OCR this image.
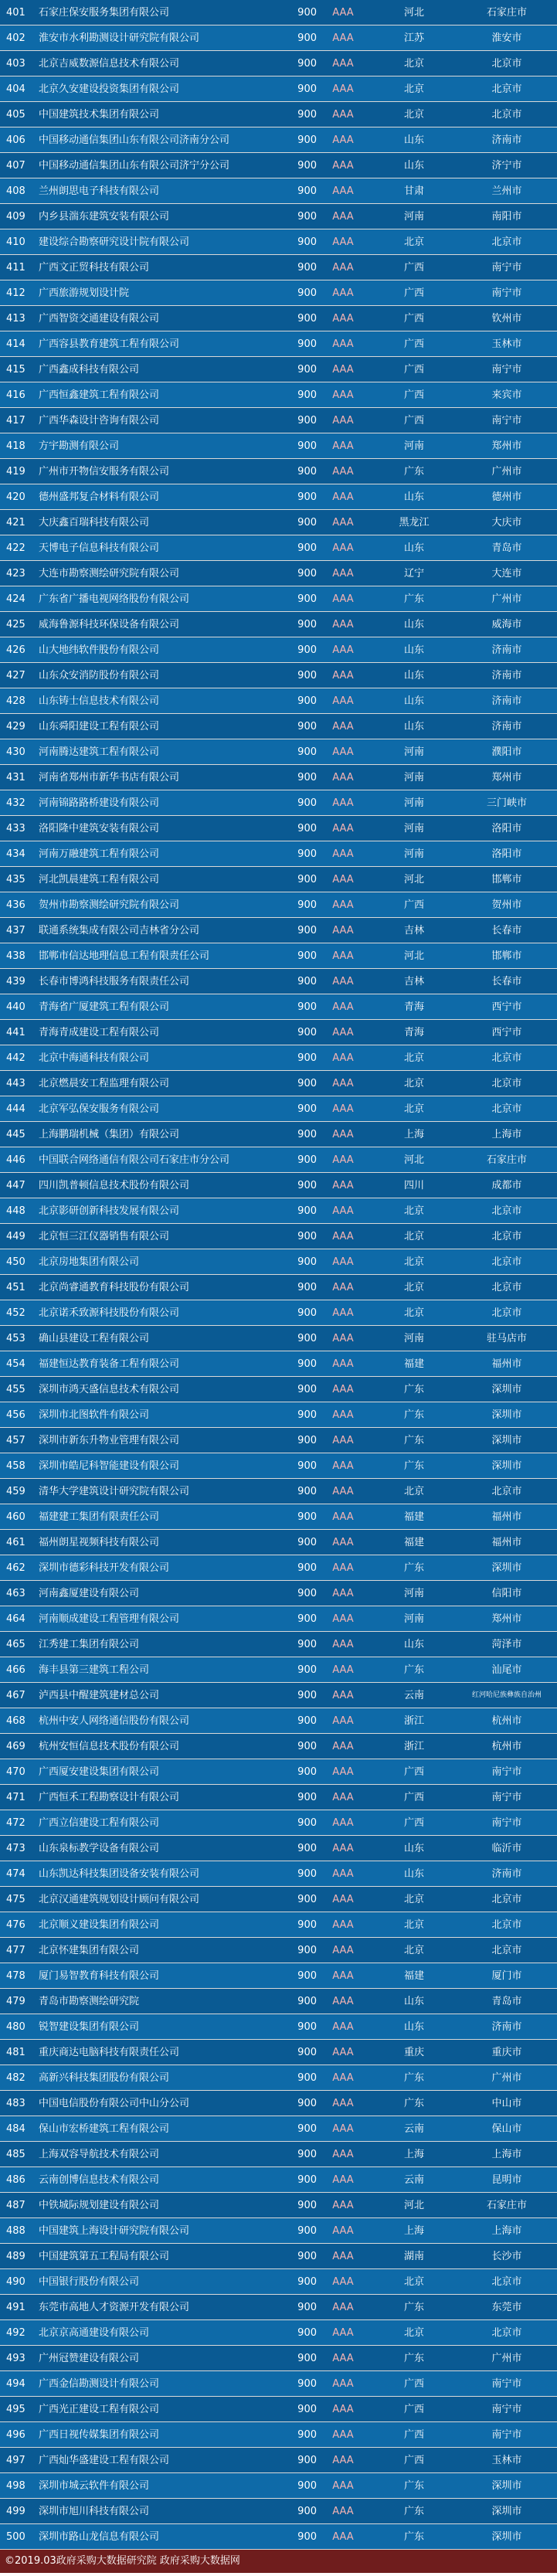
401	石家庄保安服务集团有限公司	900	AAA	河北	石家庄市
402	淮安市水利勘测设计研究院有限公司	900	AAA	江苏	淮安市
403	北京吉威数源信息技术有限公司	900	AAA	北京	北京市
404	北京久安建设投资集团有限公司	900	AAA	北京	北京市
405	中国建筑技术集团有限公司	900	AAA	北京	北京市
406	中国移动通信集团山东有限公司济南分公司	900	AAA	山东	济南市
407	中国移动通信集团山东有限公司济宁分公司	900	AAA	山东	济宁市
408	兰州朗思电子科技有限公司	900	AAA	甘肃	兰州市
409	内乡县湍东建筑安装有限公司	900	AAA	河南	南阳市
410	建设综合勘察研究设计院有限公司	900	AAA	北京	北京市
411	广西文正贸科技有限公司	900	AAA	广西	南宁市
412	广西旅游规划设计院	900	AAA	广西	南宁市
413	广西智资交通建设有限公司	900	AAA	广西	钦州市
414	广西容县教育建筑工程有限公司	900	AAA	广西	玉林市
415	广西鑫成科技有限公司	900	AAA	广西	南宁市
416	广西恒鑫建筑工程有限公司	900	AAA	广西	来宾市
417	广西华森设计咨询有限公司	900	AAA	广西	南宁市
418	方宇勘测有限公司	900	AAA	河南	郑州市
419	广州市开物信安服务有限公司	900	AAA	广东	广州市
420	德州盛邦复合材料有限公司	900	AAA	山东	德州市
421	大庆鑫百瑞科技有限公司	900	AAA	黑龙江	大庆市
422	天博电子信息科技有限公司	900	AAA	山东	青岛市
423	大连市勘察测绘研究院有限公司	900	AAA	辽宁	大连市
424	广东省广播电视网络股份有限公司	900	AAA	广东	广州市
425	威海鲁源科技环保设备有限公司	900	AAA	山东	威海市
426	山大地纬软件股份有限公司	900	AAA	山东	济南市
427	山东众安消防股份有限公司	900	AAA	山东	济南市
428	山东铸士信息技术有限公司	900	AAA	山东	济南市
429	山东舜阳建设工程有限公司	900	AAA	山东	济南市
430	河南腾达建筑工程有限公司	900	AAA	河南	濮阳市
431	河南省郑州市新华书店有限公司	900	AAA	河南	郑州市
432	河南锦路路桥建设有限公司	900	AAA	河南	三门峡市
433	洛阳隆中建筑安装有限公司	900	AAA	河南	洛阳市
434	河南万融建筑工程有限公司	900	AAA	河南	洛阳市
435	河北凯晨建筑工程有限公司	900	AAA	河北	邯郸市
436	贺州市勘察测绘研究院有限公司	900	AAA	广西	贺州市
437	联通系统集成有限公司吉林省分公司	900	AAA	吉林	长春市
438	邯郸市信达地理信息工程有限责任公司	900	AAA	河北	邯郸市
439	长春市博鸿科技服务有限责任公司	900	AAA	吉林	长春市
440	青海省广厦建筑工程有限公司	900	AAA	青海	西宁市
441	青海青成建设工程有限公司	900	AAA	青海	西宁市
442	北京中海通科技有限公司	900	AAA	北京	北京市
443	北京燃晨安工程监理有限公司	900	AAA	北京	北京市
444	北京军弘保安服务有限公司	900	AAA	北京	北京市
445	上海鹏瑞机械（集团）有限公司	900	AAA	上海	上海市
446	中国联合网络通信有限公司石家庄市分公司	900	AAA	河北	石家庄市
447	四川凯普顿信息技术股份有限公司	900	AAA	四川	成都市
448	北京影研创新科技发展有限公司	900	AAA	北京	北京市
449	北京恒三江仪器销售有限公司	900	AAA	北京	北京市
450	北京房地集团有限公司	900	AAA	北京	北京市
451	北京尚睿通教育科技股份有限公司	900	AAA	北京	北京市
452	北京诺禾致源科技股份有限公司	900	AAA	北京	北京市
453	确山县建设工程有限公司	900	AAA	河南	驻马店市
454	福建恒达教育装备工程有限公司	900	AAA	福建	福州市
455	深圳市鸿天盛信息技术有限公司	900	AAA	广东	深圳市
456	深圳市北图软件有限公司	900	AAA	广东	深圳市
457	深圳市新东升物业管理有限公司	900	AAA	广东	深圳市
458	深圳市皓尼科智能建设有限公司	900	AAA	广东	深圳市
459	清华大学建筑设计研究院有限公司	900	AAA	北京	北京市
460	福建建工集团有限责任公司	900	AAA	福建	福州市
461	福州朗星视频科技有限公司	900	AAA	福建	福州市
462	深圳市德彩科技开发有限公司	900	AAA	广东	深圳市
463	河南鑫厦建设有限公司	900	AAA	河南	信阳市
464	河南顺成建设工程管理有限公司	900	AAA	河南	郑州市
465	江秀建工集团有限公司	900	AAA	山东	菏泽市
466	海丰县第三建筑工程公司	900	AAA	广东	汕尾市
467	泸西县中醒建筑建材总公司	900	AAA	云南	红河哈尼族彝族自治州
468	杭州中安人网络通信股份有限公司	900	AAA	浙江	杭州市
469	杭州安恒信息技术股份有限公司	900	AAA	浙江	杭州市
470	广西厦安建设集团有限公司	900	AAA	广西	南宁市
471	广西恒禾工程勘察设计有限公司	900	AAA	广西	南宁市
472	广西立信建设工程有限公司	900	AAA	广西	南宁市
473	山东泉标教学设备有限公司	900	AAA	山东	临沂市
474	山东凯达科技集团设备安装有限公司	900	AAA	山东	济南市
475	北京汉通建筑规划设计顾问有限公司	900	AAA	北京	北京市
476	北京顺义建设集团有限公司	900	AAA	北京	北京市
477	北京怀建集团有限公司	900	AAA	北京	北京市
478	厦门易智教育科技有限公司	900	AAA	福建	厦门市
479	青岛市勘察测绘研究院	900	AAA	山东	青岛市
480	锐智建设集团有限公司	900	AAA	山东	济南市
481	重庆商达电脑科技有限责任公司	900	AAA	重庆	重庆市
482	高新兴科技集团股份有限公司	900	AAA	广东	广州市
483	中国电信股份有限公司中山分公司	900	AAA	广东	中山市
484	保山市宏桥建筑工程有限公司	900	AAA	云南	保山市
485	上海双容导航技术有限公司	900	AAA	上海	上海市
486	云南创博信息技术有限公司	900	AAA	云南	昆明市
487	中铁城际规划建设有限公司	900	AAA	河北	石家庄市
488	中国建筑上海设计研究院有限公司	900	AAA	上海	上海市
489	中国建筑第五工程局有限公司	900	AAA	湖南	长沙市
490	中国银行股份有限公司	900	AAA	北京	北京市
491	东莞市高地人才资源开发有限公司	900	AAA	广东	东莞市
492	北京京高通建设有限公司	900	AAA	北京	北京市
493	广州冠赞建设有限公司	900	AAA	广东	广州市
494	广西金信勘测设计有限公司	900	AAA	广西	南宁市
495	广西光正建设工程有限公司	900	AAA	广西	南宁市
496	广西日视传媒集团有限公司	900	AAA	广西	南宁市
497	广西灿华盛建设工程有限公司	900	AAA	广西	玉林市
498	深圳市城云软件有限公司	900	AAA	广东	深圳市
499	深圳市旭川科技有限公司	900	AAA	广东	深圳市
500	深圳市路山龙信息有限公司	900	AAA	广东	深圳市
©2019.03政府采购大数据研究院 政府采购大数据网
